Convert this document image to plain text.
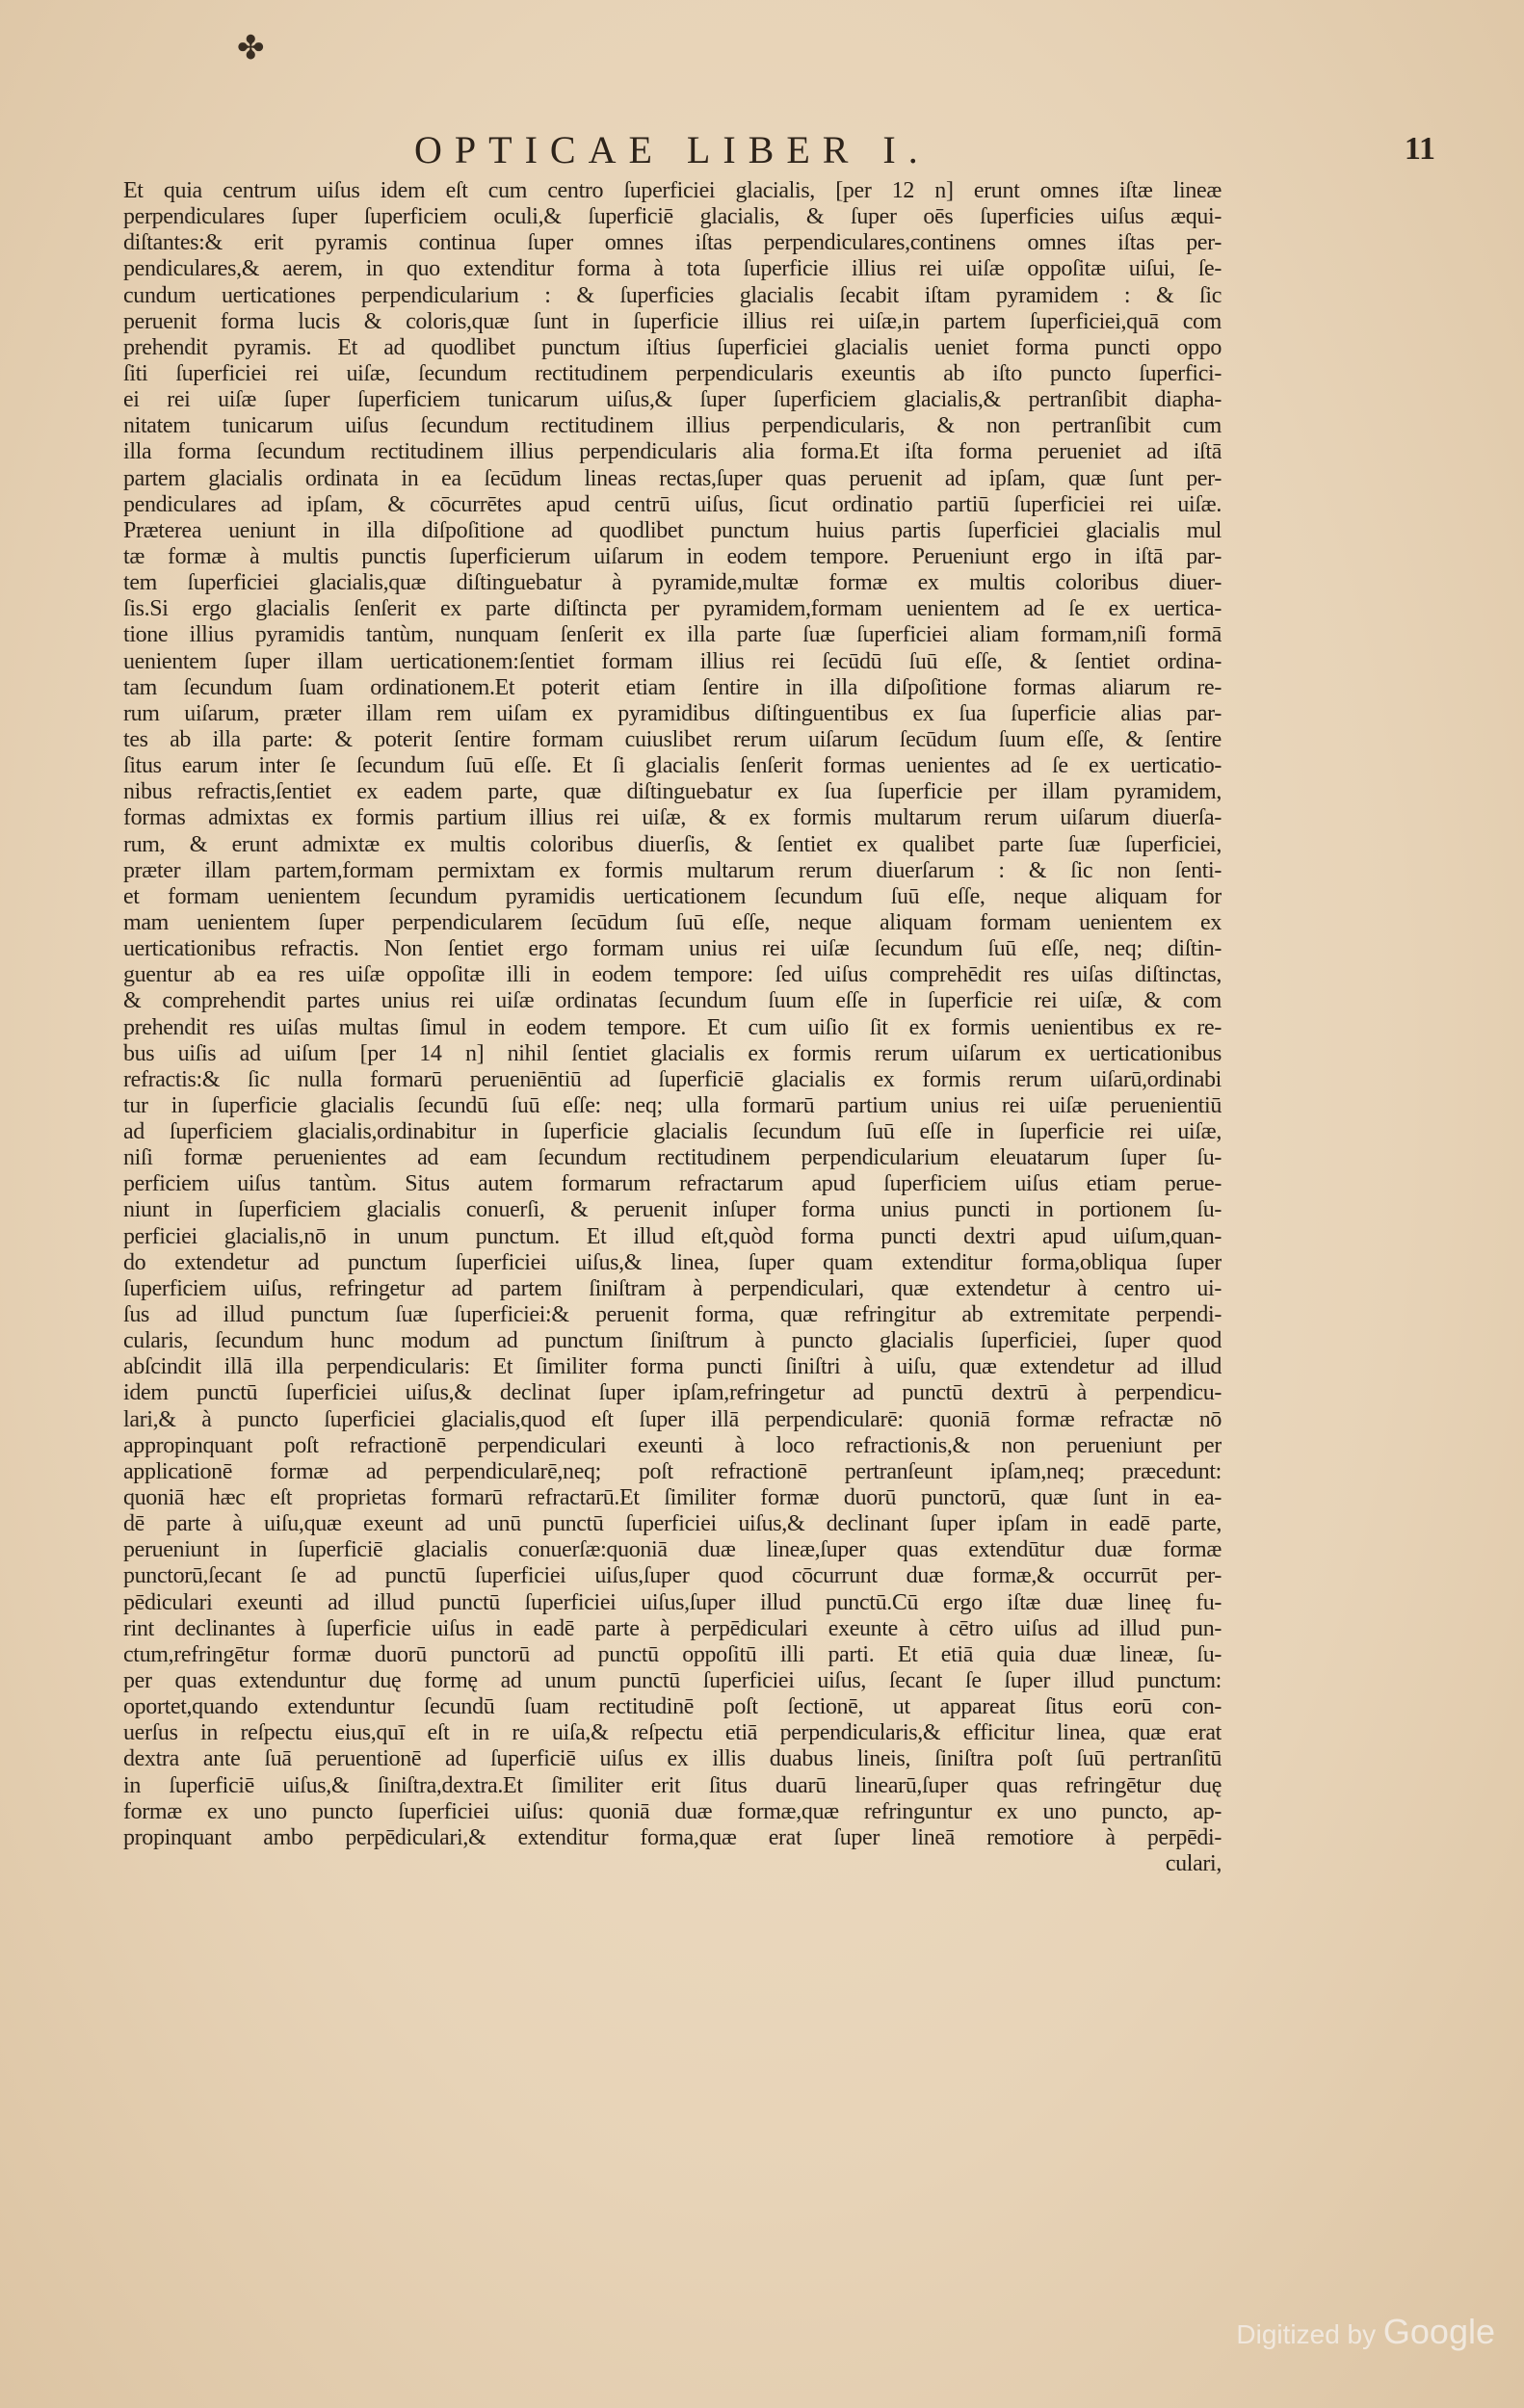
✤
OPTICAE LIBER I.	11
Et quia centrum uiſus idem eſt cum centro ſuperficiei glacialis, [per 12 n] erunt omnes iſtæ lineæ
perpendiculares ſuper ſuperficiem oculi,& ſuperficiē glacialis, & ſuper oēs ſuperficies uiſus æqui-
diſtantes:& erit pyramis continua ſuper omnes iſtas perpendiculares,continens omnes iſtas per-
pendiculares,& aerem, in quo extenditur forma à tota ſuperficie illius rei uiſæ oppoſitæ uiſui, ſe-
cundum uerticationes perpendicularium : & ſuperficies glacialis ſecabit iſtam pyramidem : & ſic
peruenit forma lucis & coloris,quæ ſunt in ſuperficie illius rei uiſæ,in partem ſuperficiei,quā com
prehendit pyramis. Et ad quodlibet punctum iſtius ſuperficiei glacialis ueniet forma puncti oppo
ſiti ſuperficiei rei uiſæ, ſecundum rectitudinem perpendicularis exeuntis ab iſto puncto ſuperfici-
ei rei uiſæ ſuper ſuperficiem tunicarum uiſus,& ſuper ſuperficiem glacialis,& pertranſibit diapha-
nitatem tunicarum uiſus ſecundum rectitudinem illius perpendicularis, & non pertranſibit cum
illa forma ſecundum rectitudinem illius perpendicularis alia forma.Et iſta forma perueniet ad iſtā
partem glacialis ordinata in ea ſecūdum lineas rectas,ſuper quas peruenit ad ipſam, quæ ſunt per-
pendiculares ad ipſam, & cōcurrētes apud centrū uiſus, ſicut ordinatio partiū ſuperficiei rei uiſæ.
Præterea ueniunt in illa diſpoſitione ad quodlibet punctum huius partis ſuperficiei glacialis mul
tæ formæ à multis punctis ſuperficierum uiſarum in eodem tempore. Perueniunt ergo in iſtā par-
tem ſuperficiei glacialis,quæ diſtinguebatur à pyramide,multæ formæ ex multis coloribus diuer-
ſis.Si ergo glacialis ſenſerit ex parte diſtincta per pyramidem,formam uenientem ad ſe ex uertica-
tione illius pyramidis tantùm, nunquam ſenſerit ex illa parte ſuæ ſuperficiei aliam formam,niſi formā
uenientem ſuper illam uerticationem:ſentiet formam illius rei ſecūdū ſuū eſſe, & ſentiet ordina-
tam ſecundum ſuam ordinationem.Et poterit etiam ſentire in illa diſpoſitione formas aliarum re-
rum uiſarum, præter illam rem uiſam ex pyramidibus diſtinguentibus ex ſua ſuperficie alias par-
tes ab illa parte: & poterit ſentire formam cuiuslibet rerum uiſarum ſecūdum ſuum eſſe, & ſentire
ſitus earum inter ſe ſecundum ſuū eſſe. Et ſi glacialis ſenſerit formas uenientes ad ſe ex uerticatio-
nibus refractis,ſentiet ex eadem parte, quæ diſtinguebatur ex ſua ſuperficie per illam pyramidem,
formas admixtas ex formis partium illius rei uiſæ, & ex formis multarum rerum uiſarum diuerſa-
rum, & erunt admixtæ ex multis coloribus diuerſis, & ſentiet ex qualibet parte ſuæ ſuperficiei,
præter illam partem,formam permixtam ex formis multarum rerum diuerſarum : & ſic non ſenti-
et formam uenientem ſecundum pyramidis uerticationem ſecundum ſuū eſſe, neque aliquam for
mam uenientem ſuper perpendicularem ſecūdum ſuū eſſe, neque aliquam formam uenientem ex
uerticationibus refractis. Non ſentiet ergo formam unius rei uiſæ ſecundum ſuū eſſe, neq; diſtin-
guentur ab ea res uiſæ oppoſitæ illi in eodem tempore: ſed uiſus comprehēdit res uiſas diſtinctas,
& comprehendit partes unius rei uiſæ ordinatas ſecundum ſuum eſſe in ſuperficie rei uiſæ, & com
prehendit res uiſas multas ſimul in eodem tempore. Et cum uiſio ſit ex formis uenientibus ex re-
bus uiſis ad uiſum [per 14 n] nihil ſentiet glacialis ex formis rerum uiſarum ex uerticationibus
refractis:& ſic nulla formarū perueniēntiū ad ſuperficiē glacialis ex formis rerum uiſarū,ordinabi
tur in ſuperficie glacialis ſecundū ſuū eſſe: neq; ulla formarū partium unius rei uiſæ peruenientiū
ad ſuperficiem glacialis,ordinabitur in ſuperficie glacialis ſecundum ſuū eſſe in ſuperficie rei uiſæ,
niſi formæ peruenientes ad eam ſecundum rectitudinem perpendicularium eleuatarum ſuper ſu-
perficiem uiſus tantùm. Situs autem formarum refractarum apud ſuperficiem uiſus etiam perue-
niunt in ſuperficiem glacialis conuerſi, & peruenit inſuper forma unius puncti in portionem ſu-
perficiei glacialis,nō in unum punctum. Et illud eſt,quòd forma puncti dextri apud uiſum,quan-
do extendetur ad punctum ſuperficiei uiſus,& linea, ſuper quam extenditur forma,obliqua ſuper
ſuperficiem uiſus, refringetur ad partem ſiniſtram à perpendiculari, quæ extendetur à centro ui-
ſus ad illud punctum ſuæ ſuperficiei:& peruenit forma, quæ refringitur ab extremitate perpendi-
cularis, ſecundum hunc modum ad punctum ſiniſtrum à puncto glacialis ſuperficiei, ſuper quod
abſcindit illā illa perpendicularis: Et ſimiliter forma puncti ſiniſtri à uiſu, quæ extendetur ad illud
idem punctū ſuperficiei uiſus,& declinat ſuper ipſam,refringetur ad punctū dextrū à perpendicu-
lari,& à puncto ſuperficiei glacialis,quod eſt ſuper illā perpendicularē: quoniā formæ refractæ nō
appropinquant poſt refractionē perpendiculari exeunti à loco refractionis,& non perueniunt per
applicationē formæ ad perpendicularē,neq; poſt refractionē pertranſeunt ipſam,neq; præcedunt:
quoniā hæc eſt proprietas formarū refractarū.Et ſimiliter formæ duorū punctorū, quæ ſunt in ea-
dē parte à uiſu,quæ exeunt ad unū punctū ſuperficiei uiſus,& declinant ſuper ipſam in eadē parte,
perueniunt in ſuperficiē glacialis conuerſæ:quoniā duæ lineæ,ſuper quas extendūtur duæ formæ
punctorū,ſecant ſe ad punctū ſuperficiei uiſus,ſuper quod cōcurrunt duæ formæ,& occurrūt per-
pēdiculari exeunti ad illud punctū ſuperficiei uiſus,ſuper illud punctū.Cū ergo iſtæ duæ lineę fu-
rint declinantes à ſuperficie uiſus in eadē parte à perpēdiculari exeunte à cētro uiſus ad illud pun-
ctum,refringētur formæ duorū punctorū ad punctū oppoſitū illi parti. Et etiā quia duæ lineæ, ſu-
per quas extenduntur duę formę ad unum punctū ſuperficiei uiſus, ſecant ſe ſuper illud punctum:
oportet,quando extenduntur ſecundū ſuam rectitudinē poſt ſectionē, ut appareat ſitus eorū con-
uerſus in reſpectu eius,quī eſt in re uiſa,& reſpectu etiā perpendicularis,& efficitur linea, quæ erat
dextra ante ſuā peruentionē ad ſuperficiē uiſus ex illis duabus lineis, ſiniſtra poſt ſuū pertranſitū
in ſuperficiē uiſus,& ſiniſtra,dextra.Et ſimiliter erit ſitus duarū linearū,ſuper quas refringētur duę
formæ ex uno puncto ſuperficiei uiſus: quoniā duæ formæ,quæ refringuntur ex uno puncto, ap-
propinquant ambo perpēdiculari,& extenditur forma,quæ erat ſuper lineā remotiore à perpēdi-
culari,
Digitized by Google
